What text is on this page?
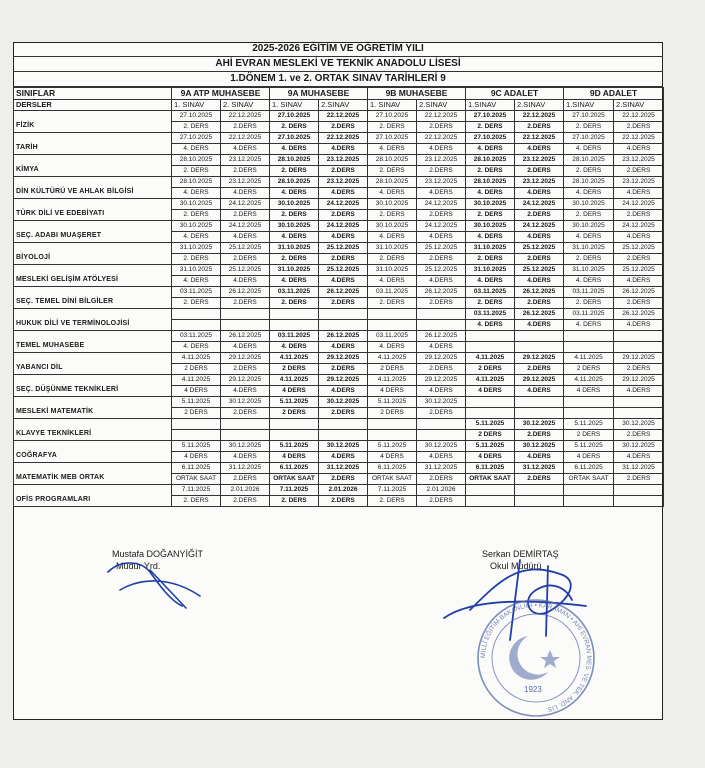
2025-2026 EĞİTİM VE ÖĞRETİM YILI
AHİ EVRAN MESLEKİ VE TEKNİK ANADOLU LİSESİ
1.DÖNEM 1. ve 2. ORTAK SINAV TARİHLERİ 9
SINIFLAR	9A ATP MUHASEBE		9A MUHASEBE		9B MUHASEBE		9C ADALET		9D ADALET	
DERSLER	1. SINAV	2. SINAV	1. SINAV	2.SINAV	1. SINAV	2.SINAV	1.SINAV	2.SINAV	1.SINAV	2.SINAV
FİZİK	27.10.2025	22.12.2025	27.10.2025	22.12.2025	27.10.2025	22.12.2025	27.10.2025	22.12.2025	27.10.2025	22.12.2025
	2. DERS	2.DERS	2. DERS	2.DERS	2. DERS	2.DERS	2. DERS	2.DERS	2. DERS	2.DERS
TARİH	27.10.2025	22.12.2025	27.10.2025	22.12.2025	27.10.2025	22.12.2025	27.10.2025	22.12.2025	27.10.2025	22.12.2025
	4. DERS	4.DERS	4. DERS	4.DERS	4. DERS	4.DERS	4. DERS	4.DERS	4. DERS	4.DERS
KİMYA	28.10.2025	23.12.2025	28.10.2025	23.12.2025	28.10.2025	23.12.2025	28.10.2025	23.12.2025	28.10.2025	23.12.2025
	2. DERS	2.DERS	2. DERS	2.DERS	2. DERS	2.DERS	2. DERS	2.DERS	2. DERS	2.DERS
DİN KÜLTÜRÜ VE AHLAK BİLGİSİ	28.10.2025	23.12.2025	28.10.2025	23.12.2025	28.10.2025	23.12.2025	28.10.2025	23.12.2025	28.10.2025	23.12.2025
	4. DERS	4.DERS	4. DERS	4.DERS	4. DERS	4.DERS	4. DERS	4.DERS	4. DERS	4.DERS
TÜRK DİLİ VE EDEBİYATI	30.10.2025	24.12.2025	30.10.2025	24.12.2025	30.10.2025	24.12.2025	30.10.2025	24.12.2025	30.10.2025	24.12.2025
	2. DERS	2.DERS	2. DERS	2.DERS	2. DERS	2.DERS	2. DERS	2.DERS	2. DERS	2.DERS
SEÇ. ADABI MUAŞERET	30.10.2025	24.12.2025	30.10.2025	24.12.2025	30.10.2025	24.12.2025	30.10.2025	24.12.2025	30.10.2025	24.12.2025
	4. DERS	4.DERS	4. DERS	4.DERS	4. DERS	4.DERS	4. DERS	4.DERS	4. DERS	4.DERS
BİYOLOJİ	31.10.2025	25.12.2025	31.10.2025	25.12.2025	31.10.2025	25.12.2025	31.10.2025	25.12.2025	31.10.2025	25.12.2025
	2. DERS	2.DERS	2. DERS	2.DERS	2. DERS	2.DERS	2. DERS	2.DERS	2. DERS	2.DERS
MESLEKİ GELİŞİM ATÖLYESİ	31.10.2025	25.12.2025	31.10.2025	25.12.2025	31.10.2025	25.12.2025	31.10.2025	25.12.2025	31.10.2025	25.12.2025
	4. DERS	4.DERS	4. DERS	4.DERS	4. DERS	4.DERS	4. DERS	4.DERS	4. DERS	4.DERS
SEÇ. TEMEL DİNİ BİLGİLER	03.11.2025	26.12.2025	03.11.2025	26.12.2025	03.11.2025	26.12.2025	03.11.2025	26.12.2025	03.11.2025	26.12.2025
	2. DERS	2.DERS	2. DERS	2.DERS	2. DERS	2.DERS	2. DERS	2.DERS	2. DERS	2.DERS
HUKUK DİLİ VE TERMİNOLOJİSİ							03.11.2025	26.12.2025	03.11.2025	26.12.2025
							4. DERS	4.DERS	4. DERS	4.DERS
TEMEL MUHASEBE	03.11.2025	26.12.2025	03.11.2025	26.12.2025	03.11.2025	26.12.2025				
	4. DERS	4.DERS	4. DERS	4.DERS	4. DERS	4.DERS				
YABANCI DİL	4.11.2025	29.12.2025	4.11.2025	29.12.2025	4.11.2025	29.12.2025	4.11.2025	29.12.2025	4.11.2025	29.12.2025
	2 DERS	2.DERS	2 DERS	2.DERS	2 DERS	2.DERS	2 DERS	2.DERS	2 DERS	2.DERS
SEÇ. DÜŞÜNME TEKNİKLERİ	4.11.2025	29.12.2025	4.11.2025	29.12.2025	4.11.2025	29.12.2025	4.11.2025	29.12.2025	4.11.2025	29.12.2025
	4 DERS	4.DERS	4 DERS	4.DERS	4 DERS	4.DERS	4 DERS	4.DERS	4 DERS	4.DERS
MESLEKİ MATEMATİK	5.11.2025	30.12.2025	5.11.2025	30.12.2025	5.11.2025	30.12.2025				
	2 DERS	2.DERS	2 DERS	2.DERS	2 DERS	2.DERS				
KLAVYE TEKNİKLERİ							5.11.2025	30.12.2025	5.11.2025	30.12.2025
							2 DERS	2.DERS	2 DERS	2.DERS
COĞRAFYA	5.11.2025	30.12.2025	5.11.2025	30.12.2025	5.11.2025	30.12.2025	5.11.2025	30.12.2025	5.11.2025	30.12.2025
	4 DERS	4.DERS	4 DERS	4.DERS	4 DERS	4.DERS	4 DERS	4.DERS	4 DERS	4.DERS
MATEMATİK MEB ORTAK	6.11.2025	31.12.2025	6.11.2025	31.12.2025	6.11.2025	31.12.2025	6.11.2025	31.12.2025	6.11.2025	31.12.2025
	ORTAK SAAT	2.DERS	ORTAK SAAT	2.DERS	ORTAK SAAT	2.DERS	ORTAK SAAT	2.DERS	ORTAK SAAT	2.DERS
OFİS PROGRAMLARI	7.11.2025	2.01.2026	7.11.2025	2.01.2026	7.11.2025	2.01.2026				
	2. DERS	2.DERS	2. DERS	2.DERS	2. DERS	2.DERS				
Mustafa DOĞANYİĞİT
Müdür Yrd.
Serkan DEMİRTAŞ
Okul Müdürü
1923
MİLLÎ EĞİTİM BAKANLIĞI • KARAMAN • AHİ EVRAN MES. VE TEK. AND. LİS.
